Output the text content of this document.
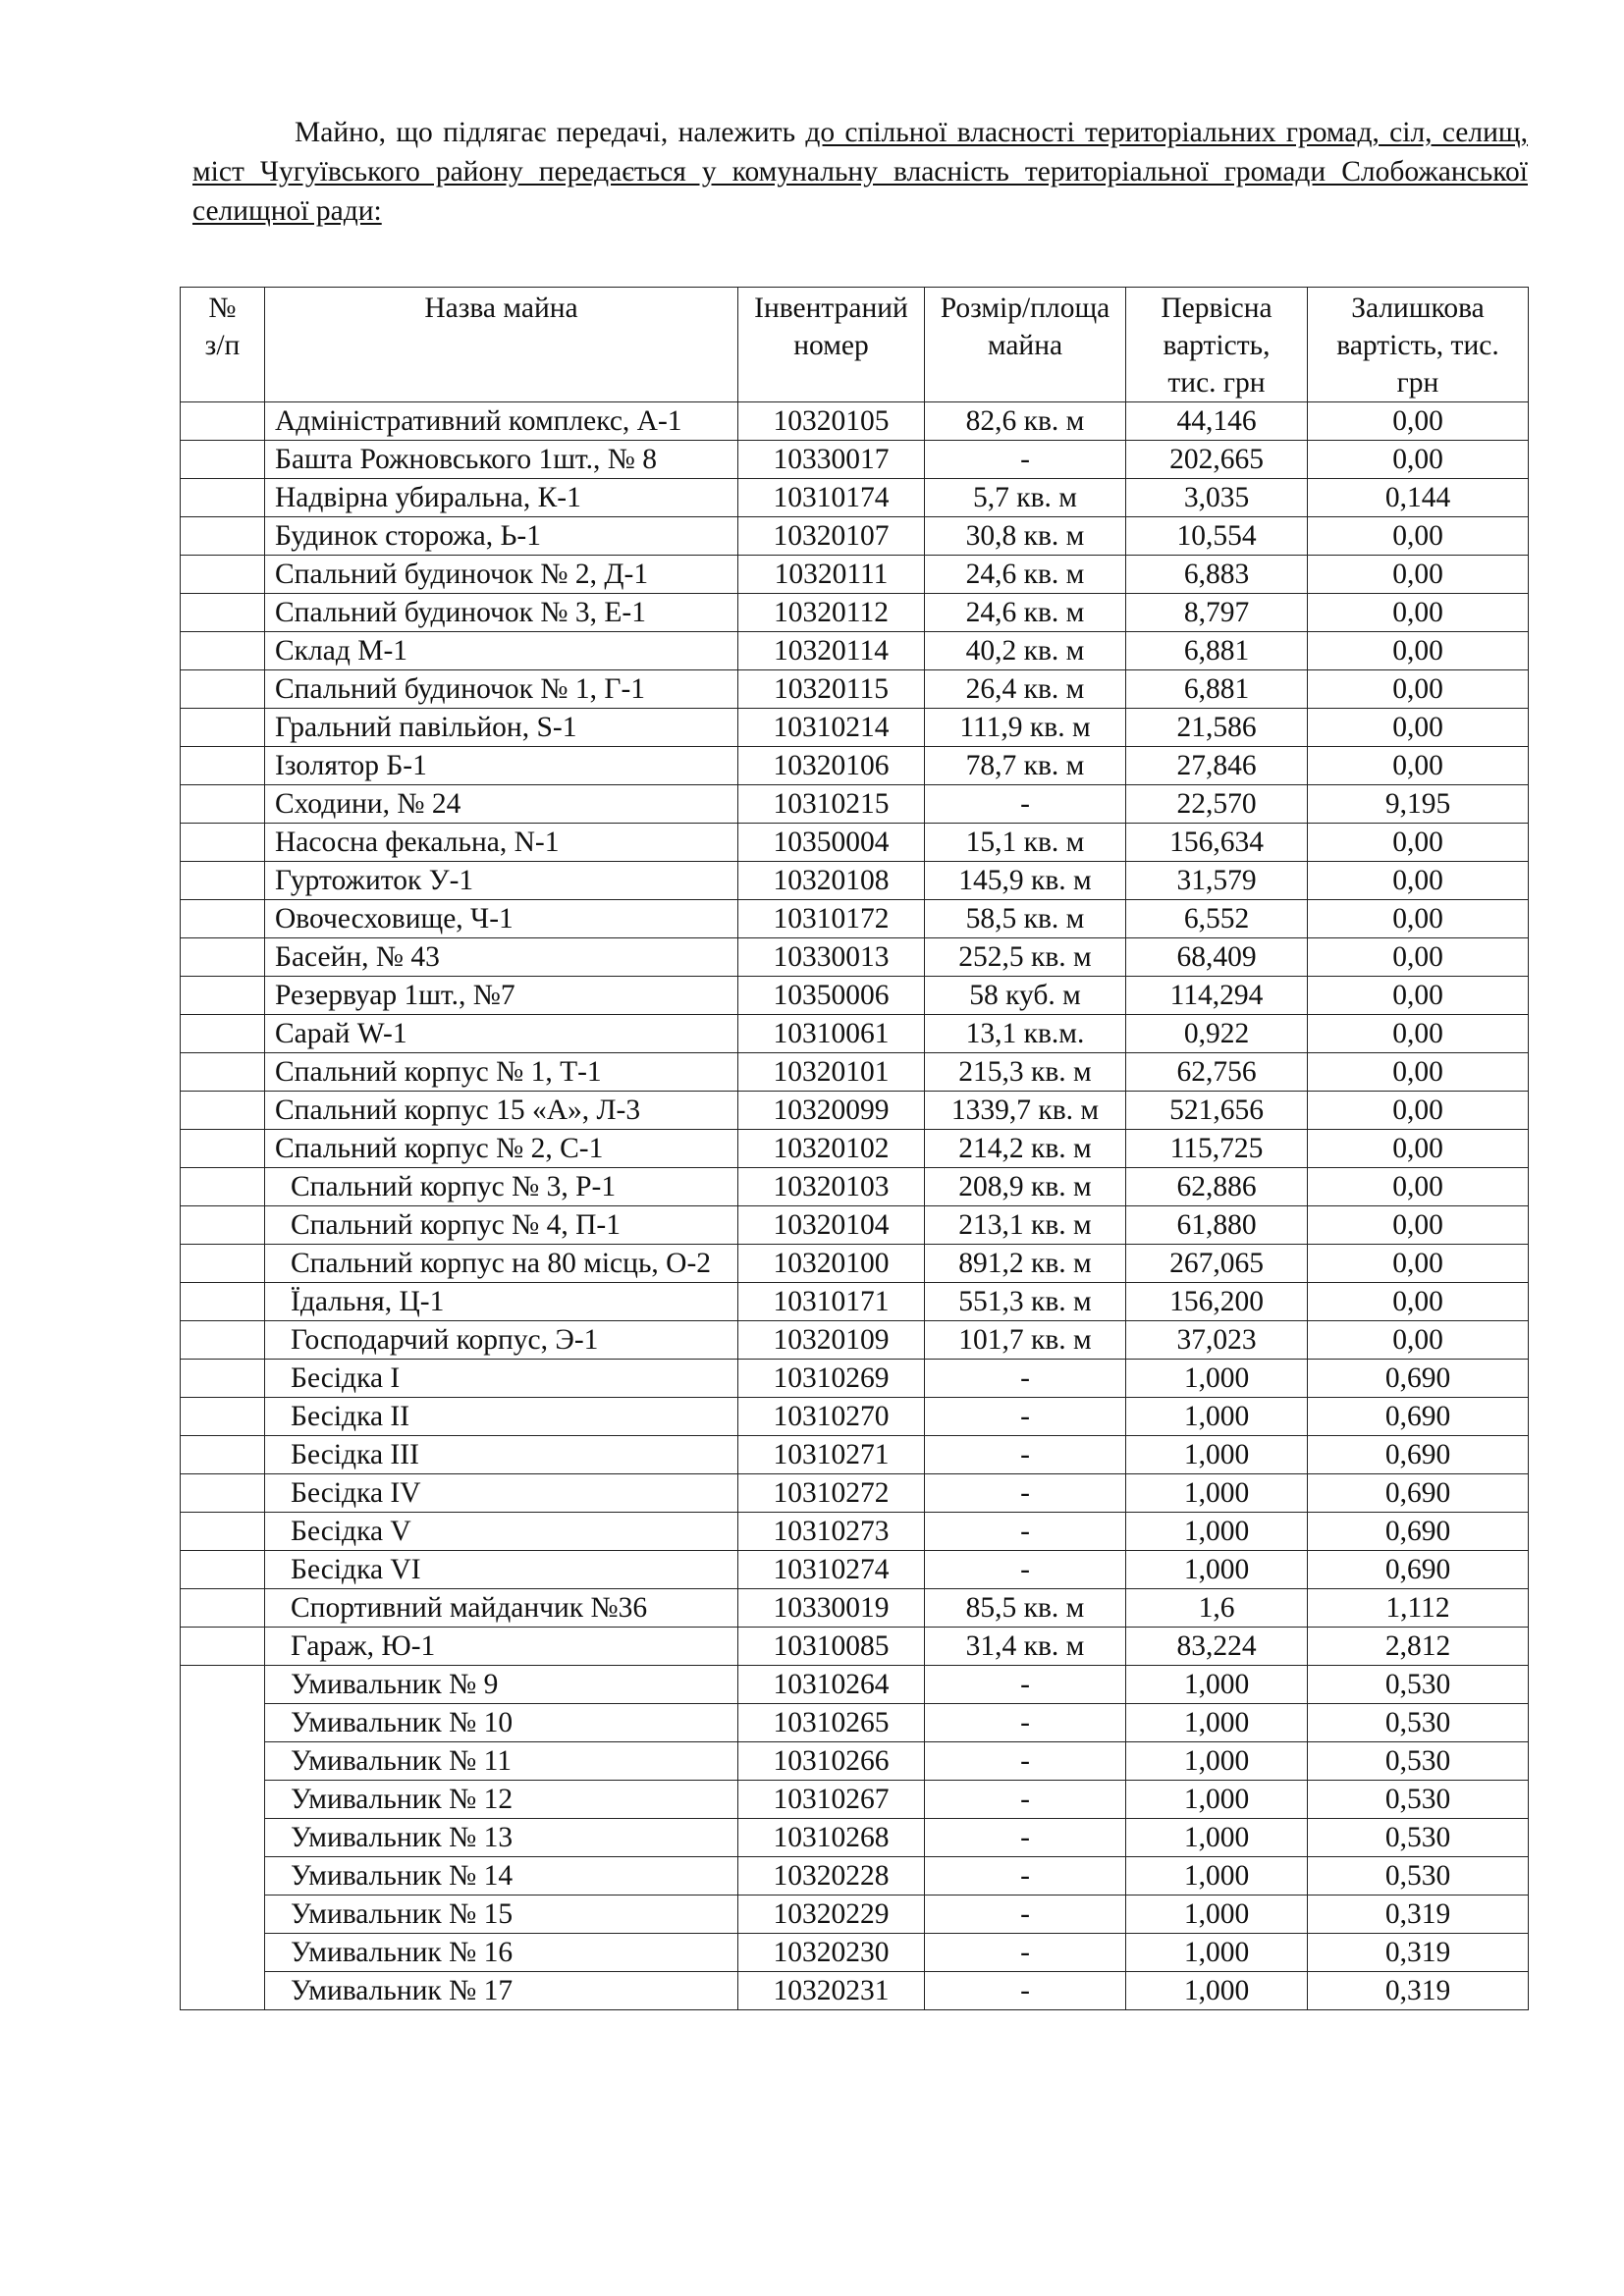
Майно, що підлягає передачі, належить до спільної власності територіальних громад, сіл, селищ, міст Чугуївського району передається у комунальну власність територіальної громади Слобожанської селищної ради:
№ з/п	Назва майна	Інвентраний номер	Розмір/площа майна	Первісна вартість, тис. грн	Залишкова вартість, тис. грн
	Адміністративний комплекс, А-1	10320105	82,6 кв. м	44,146	0,00
	Башта Рожновського 1шт., № 8	10330017	-	202,665	0,00
	Надвірна убиральна, К-1	10310174	5,7 кв. м	3,035	0,144
	Будинок сторожа, Ь-1	10320107	30,8 кв. м	10,554	0,00
	Спальний будиночок № 2, Д-1	10320111	24,6 кв. м	6,883	0,00
	Спальний будиночок № 3, Е-1	10320112	24,6 кв. м	8,797	0,00
	Склад М-1	10320114	40,2 кв. м	6,881	0,00
	Спальний будиночок № 1, Г-1	10320115	26,4 кв. м	6,881	0,00
	Гральний павільйон, S-1	10310214	111,9 кв. м	21,586	0,00
	Ізолятор Б-1	10320106	78,7 кв. м	27,846	0,00
	Сходини, № 24	10310215	-	22,570	9,195
	Насосна фекальна, N-1	10350004	15,1 кв. м	156,634	0,00
	Гуртожиток У-1	10320108	145,9 кв. м	31,579	0,00
	Овочесховище, Ч-1	10310172	58,5 кв. м	6,552	0,00
	Басейн, № 43	10330013	252,5 кв. м	68,409	0,00
	Резервуар 1шт., №7	10350006	58 куб. м	114,294	0,00
	Сарай W-1	10310061	13,1 кв.м.	0,922	0,00
	Спальний корпус № 1, Т-1	10320101	215,3 кв. м	62,756	0,00
	Спальний корпус 15 «А», Л-3	10320099	1339,7 кв. м	521,656	0,00
	Спальний корпус № 2, С-1	10320102	214,2 кв. м	115,725	0,00
	Спальний корпус № 3, Р-1	10320103	208,9 кв. м	62,886	0,00
	Спальний корпус № 4, П-1	10320104	213,1 кв. м	61,880	0,00
	Спальний корпус на 80 місць, О-2	10320100	891,2 кв. м	267,065	0,00
	Їдальня, Ц-1	10310171	551,3 кв. м	156,200	0,00
	Господарчий корпус, Э-1	10320109	101,7 кв. м	37,023	0,00
	Бесідка I	10310269	-	1,000	0,690
	Бесідка II	10310270	-	1,000	0,690
	Бесідка III	10310271	-	1,000	0,690
	Бесідка IV	10310272	-	1,000	0,690
	Бесідка V	10310273	-	1,000	0,690
	Бесідка VI	10310274	-	1,000	0,690
	Спортивний майданчик №36	10330019	85,5 кв. м	1,6	1,112
	Гараж, Ю-1	10310085	31,4 кв. м	83,224	2,812
	Умивальник № 9	10310264	-	1,000	0,530
	Умивальник № 10	10310265	-	1,000	0,530
	Умивальник № 11	10310266	-	1,000	0,530
	Умивальник № 12	10310267	-	1,000	0,530
	Умивальник № 13	10310268	-	1,000	0,530
	Умивальник № 14	10320228	-	1,000	0,530
	Умивальник № 15	10320229	-	1,000	0,319
	Умивальник № 16	10320230	-	1,000	0,319
	Умивальник № 17	10320231	-	1,000	0,319
